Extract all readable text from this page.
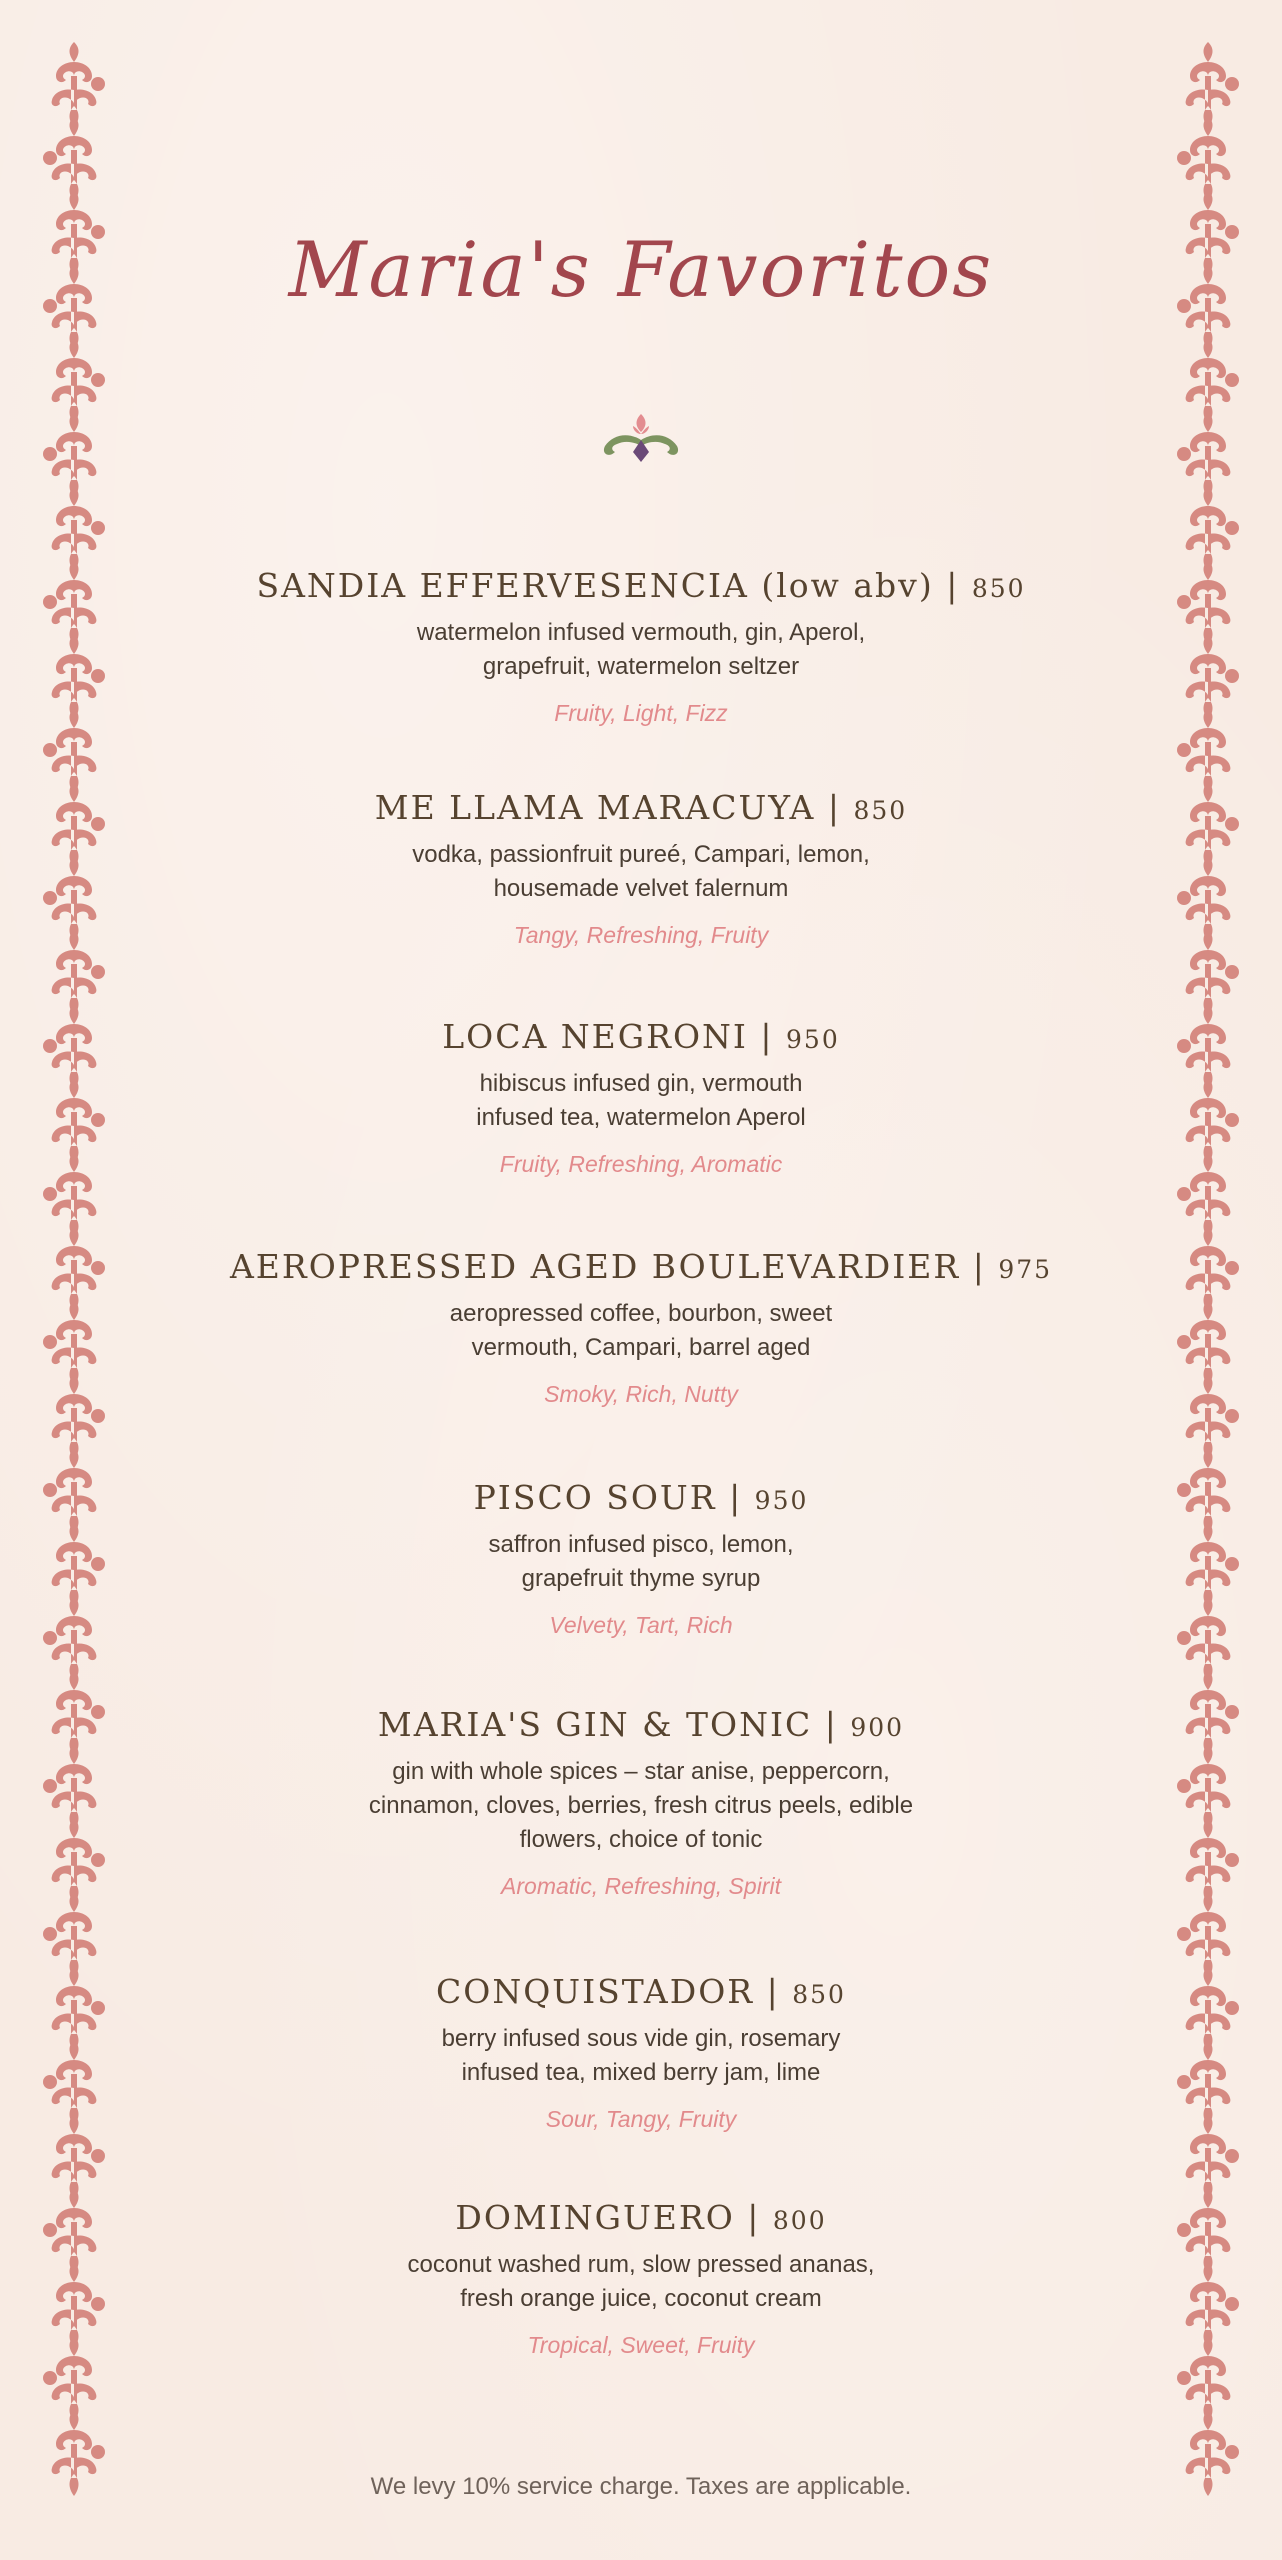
Maria's Favoritos
SANDIA EFFERVESENCIA (low abv) | 850
watermelon infused vermouth, gin, Aperol,
grapefruit, watermelon seltzer
Fruity, Light, Fizz
ME LLAMA MARACUYA | 850
vodka, passionfruit pureé, Campari, lemon,
housemade velvet falernum
Tangy, Refreshing, Fruity
LOCA NEGRONI | 950
hibiscus infused gin, vermouth
infused tea, watermelon Aperol
Fruity, Refreshing, Aromatic
AEROPRESSED AGED BOULEVARDIER | 975
aeropressed coffee, bourbon, sweet
vermouth, Campari, barrel aged
Smoky, Rich, Nutty
PISCO SOUR | 950
saffron infused pisco, lemon,
grapefruit thyme syrup
Velvety, Tart, Rich
MARIA'S GIN & TONIC | 900
gin with whole spices – star anise, peppercorn,
cinnamon, cloves, berries, fresh citrus peels, edible
flowers, choice of tonic
Aromatic, Refreshing, Spirit
CONQUISTADOR | 850
berry infused sous vide gin, rosemary
infused tea, mixed berry jam, lime
Sour, Tangy, Fruity
DOMINGUERO | 800
coconut washed rum, slow pressed ananas,
fresh orange juice, coconut cream
Tropical, Sweet, Fruity
We levy 10% service charge. Taxes are applicable.
